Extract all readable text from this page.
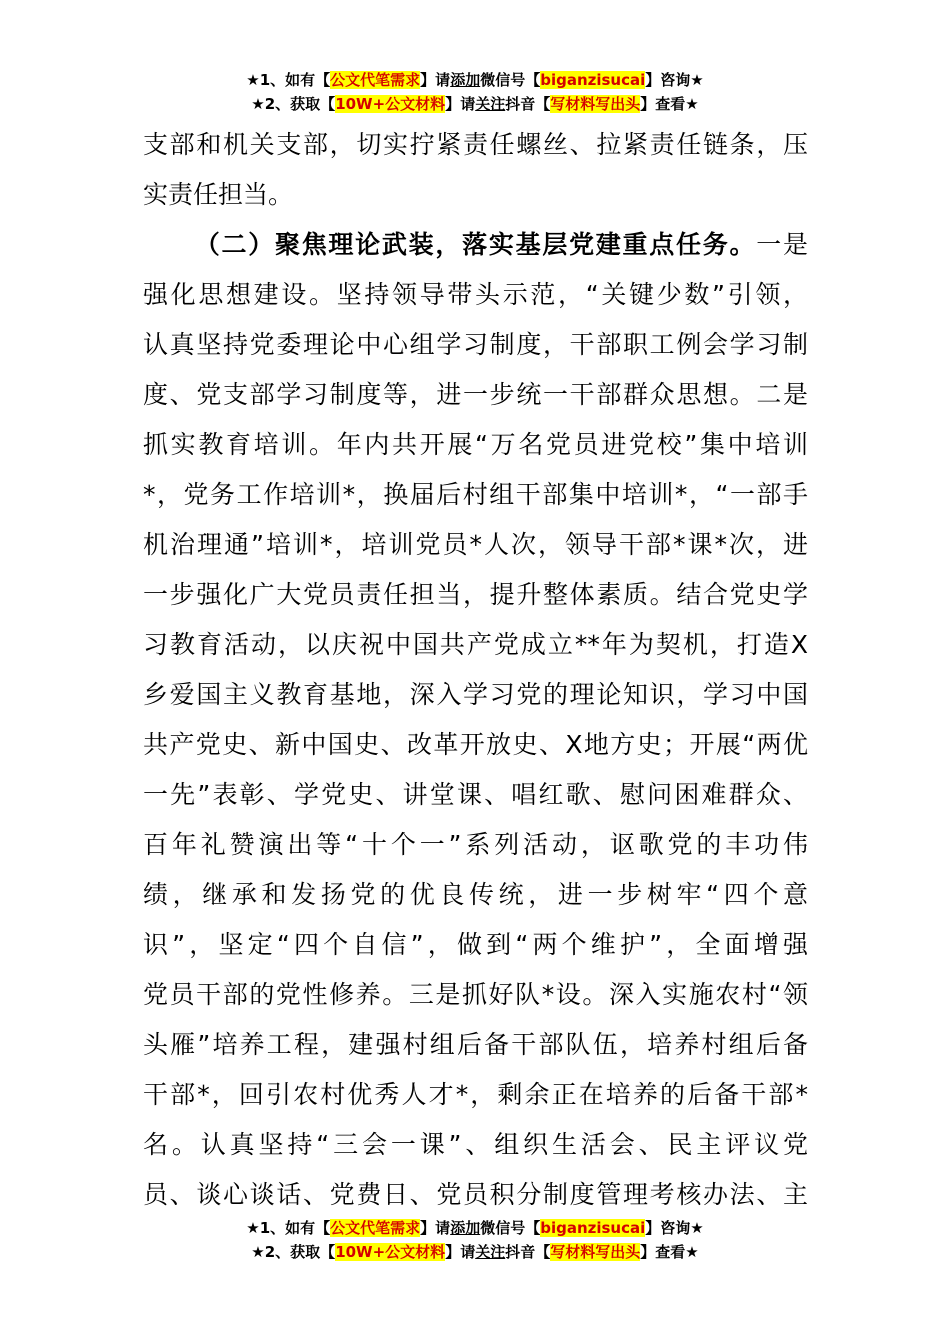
★1、如有【公文代笔需求】请添加微信号【biganzisucai】咨询★
★2、获取【10W+公文材料】请关注抖音【写材料写出头】查看★
支部和机关支部，切实拧紧责任螺丝、拉紧责任链条，压
实责任担当。
（二）聚焦理论武装，落实基层党建重点任务。一是
强化思想建设。坚持领导带头示范，“关键少数”引领，
认真坚持党委理论中心组学习制度，干部职工例会学习制
度、党支部学习制度等，进一步统一干部群众思想。二是
抓实教育培训。年内共开展“万名党员进党校”集中培训
*，党务工作培训*，换届后村组干部集中培训*，“一部手
机治理通”培训*，培训党员*人次，领导干部*课*次，进
一步强化广大党员责任担当，提升整体素质。结合党史学
习教育活动，以庆祝中国共产党成立**年为契机，打造X
乡爱国主义教育基地，深入学习党的理论知识，学习中国
共产党史、新中国史、改革开放史、X地方史；开展“两优
一先”表彰、学党史、讲堂课、唱红歌、慰问困难群众、
百年礼赞演出等“十个一”系列活动，讴歌党的丰功伟
绩，继承和发扬党的优良传统，进一步树牢“四个意
识”，坚定“四个自信”，做到“两个维护”，全面增强
党员干部的党性修养。三是抓好队*设。深入实施农村“领
头雁”培养工程，建强村组后备干部队伍，培养村组后备
干部*，回引农村优秀人才*，剩余正在培养的后备干部*
名。认真坚持“三会一课”、组织生活会、民主评议党
员、谈心谈话、党费日、党员积分制度管理考核办法、主
★1、如有【公文代笔需求】请添加微信号【biganzisucai】咨询★
★2、获取【10W+公文材料】请关注抖音【写材料写出头】查看★
